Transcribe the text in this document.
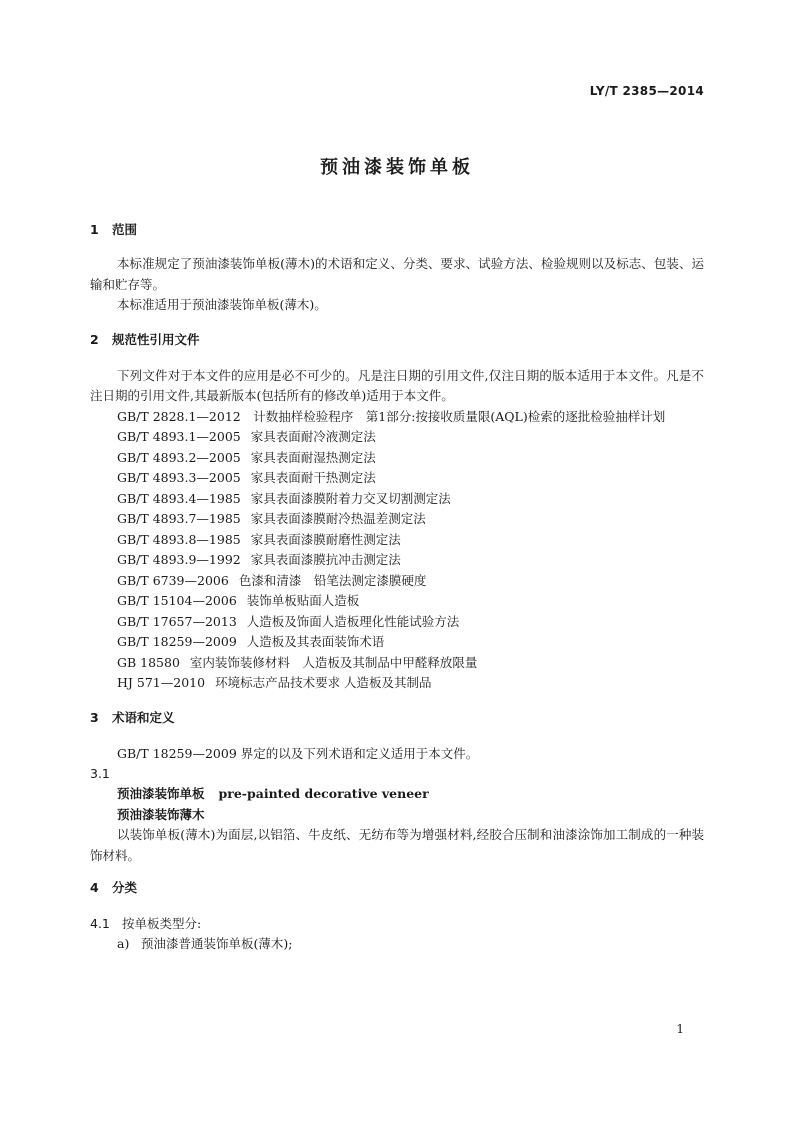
LY/T 2385—2014
预油漆装饰单板
1 范围

本标准规定了预油漆装饰单板(薄木)的术语和定义、分类、要求、试验方法、检验规则以及标志、包装、运输和贮存等。

本标准适用于预油漆装饰单板(薄木)。

2 规范性引用文件

下列文件对于本文件的应用是必不可少的。凡是注日期的引用文件,仅注日期的版本适用于本文件。凡是不注日期的引用文件,其最新版本(包括所有的修改单)适用于本文件。

GB/T 2828.1—2012　计数抽样检验程序　第1部分:按接收质量限(AQL)检索的逐批检验抽样计划

GB/T 4893.1—2005 家具表面耐冷液测定法
GB/T 4893.2—2005 家具表面耐湿热测定法
GB/T 4893.3—2005 家具表面耐干热测定法
GB/T 4893.4—1985 家具表面漆膜附着力交叉切割测定法
GB/T 4893.7—1985 家具表面漆膜耐冷热温差测定法
GB/T 4893.8—1985 家具表面漆膜耐磨性测定法
GB/T 4893.9—1992 家具表面漆膜抗冲击测定法
GB/T 6739—2006 色漆和清漆　铅笔法测定漆膜硬度
GB/T 15104—2006 装饰单板贴面人造板
GB/T 17657—2013 人造板及饰面人造板理化性能试验方法
GB/T 18259—2009 人造板及其表面装饰术语
GB 18580 室内装饰装修材料　人造板及其制品中甲醛释放限量
HJ 571—2010 环境标志产品技术要求 人造板及其制品
3 术语和定义

GB/T 18259—2009 界定的以及下列术语和定义适用于本文件。

3.1
预油漆装饰单板 pre-painted decorative veneer
预油漆装饰薄木

以装饰单板(薄木)为面层,以铝箔、牛皮纸、无纺布等为增强材料,经胶合压制和油漆涂饰加工制成的一种装饰材料。

4 分类
4.1 按单板类型分:
a) 预油漆普通装饰单板(薄木);
1
